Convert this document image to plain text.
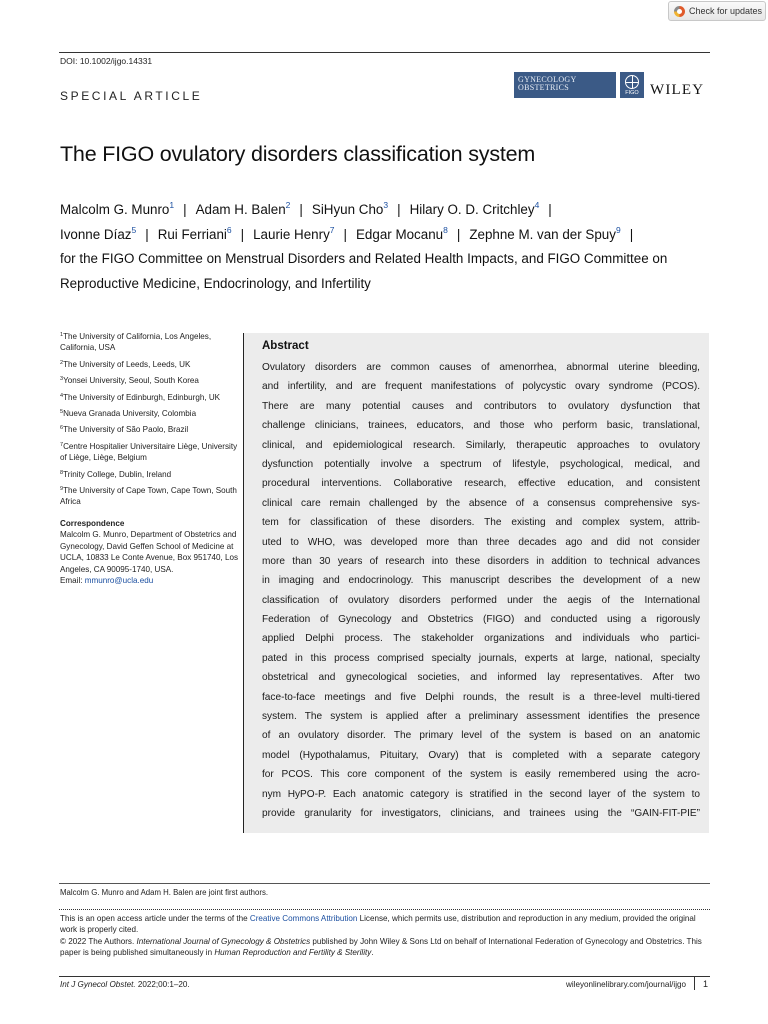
Check for updates
DOI: 10.1002/ijgo.14331
SPECIAL ARTICLE
GYNECOLOGY
OBSTETRICS
FIGO WILEY
The FIGO ovulatory disorders classification system
Malcolm G. Munro$^1$ | Adam H. Balen$^2$ | SiHyun Cho$^3$ | Hilary O. D. Critchley$^4$ |
Ivonne Díaz$^5$ | Rui Ferriani$^6$ | Laurie Henry$^7$ | Edgar Mocanu$^8$ | Zephne M. van der Spuy$^9$ |
for the FIGO Committee on Menstrual Disorders and Related Health Impacts, and FIGO Committee on Reproductive Medicine, Endocrinology, and Infertility
$^1$The University of California, Los Angeles, California, USA
$^2$The University of Leeds, Leeds, UK
$^3$Yonsei University, Seoul, South Korea
$^4$The University of Edinburgh, Edinburgh, UK
$^5$Nueva Granada University, Colombia
$^6$The University of São Paolo, Brazil
$^7$Centre Hospitalier Universitaire Liège, University of Liège, Liège, Belgium
$^8$Trinity College, Dublin, Ireland
$^9$The University of Cape Town, Cape Town, South Africa
Correspondence
Malcolm G. Munro, Department of Obstetrics and Gynecology, David Geffen School of Medicine at UCLA, 10833 Le Conte Avenue, Box 951740, Los Angeles, CA 90095-1740, USA.
Email: mmunro@ucla.edu
Abstract
Ovulatory disorders are common causes of amenorrhea, abnormal uterine bleeding,
and infertility, and are frequent manifestations of polycystic ovary syndrome (PCOS).
There are many potential causes and contributors to ovulatory dysfunction that
challenge clinicians, trainees, educators, and those who perform basic, translational,
clinical, and epidemiological research. Similarly, therapeutic approaches to ovulatory
dysfunction potentially involve a spectrum of lifestyle, psychological, medical, and
procedural interventions. Collaborative research, effective education, and consistent
clinical care remain challenged by the absence of a consensus comprehensive sys-
tem for classification of these disorders. The existing and complex system, attrib-
uted to WHO, was developed more than three decades ago and did not consider
more than 30 years of research into these disorders in addition to technical advances
in imaging and endocrinology. This manuscript describes the development of a new
classification of ovulatory disorders performed under the aegis of the International
Federation of Gynecology and Obstetrics (FIGO) and conducted using a rigorously
applied Delphi process. The stakeholder organizations and individuals who partici-
pated in this process comprised specialty journals, experts at large, national, specialty
obstetrical and gynecological societies, and informed lay representatives. After two
face-to-face meetings and five Delphi rounds, the result is a three-level multi-tiered
system. The system is applied after a preliminary assessment identifies the presence
of an ovulatory disorder. The primary level of the system is based on an anatomic
model (Hypothalamus, Pituitary, Ovary) that is completed with a separate category
for PCOS. This core component of the system is easily remembered using the acro-
nym HyPO-P. Each anatomic category is stratified in the second layer of the system to
provide granularity for investigators, clinicians, and trainees using the “GAIN-FIT-PIE”
Malcolm G. Munro and Adam H. Balen are joint first authors.

This is an open access article under the terms of the Creative Commons Attribution License, which permits use, distribution and reproduction in any medium, provided the original work is properly cited.

© 2022 The Authors. International Journal of Gynecology & Obstetrics published by John Wiley & Sons Ltd on behalf of International Federation of Gynecology and Obstetrics. This paper is being published simultaneously in Human Reproduction and Fertility & Sterility.

Int J Gynecol Obstet. 2022;00:1–20.	wileyonlinelibrary.com/journal/ijgo 1
